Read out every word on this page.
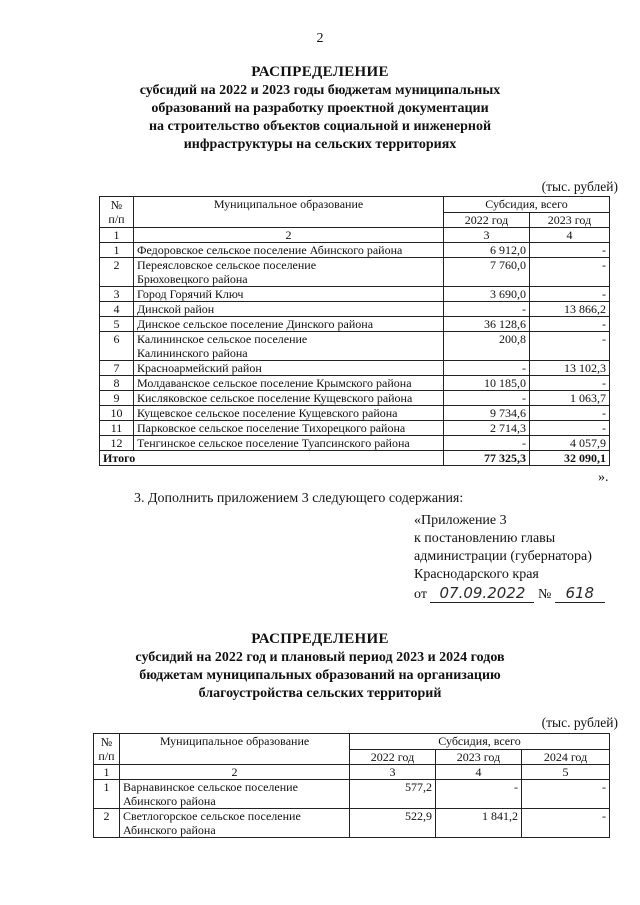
2
РАСПРЕДЕЛЕНИЕ
субсидий на 2022 и 2023 годы бюджетам муниципальных
образований на разработку проектной документации
на строительство объектов социальной и инженерной
инфраструктуры на сельских территориях
(тыс. рублей)
№
п/п	Муниципальное образование	Субсидия, всего	
		2022 год	2023 год
1	2	3	4
1	Федоровское сельское поселение Абинского района	6 912,0	-
2	Переясловское сельское поселение
Брюховецкого района	7 760,0	-
3	Город Горячий Ключ	3 690,0	-
4	Динской район	-	13 866,2
5	Динское сельское поселение Динского района	36 128,6	-
6	Калининское сельское поселение
Калининского района	200,8	-
7	Красноармейский район	-	13 102,3
8	Молдаванское сельское поселение Крымского района	10 185,0	-
9	Кисляковское сельское поселение Кущевского района	-	1 063,7
10	Кущевское сельское поселение Кущевского района	9 734,6	-
11	Парковское сельское поселение Тихорецкого района	2 714,3	-
12	Тенгинское сельское поселение Туапсинского района	-	4 057,9
Итого		77 325,3	32 090,1
».
3. Дополнить приложением 3 следующего содержания:
«Приложение 3
к постановлению главы
администрации (губернатора)
Краснодарского края
от 07.09.2022 № 618
РАСПРЕДЕЛЕНИЕ
субсидий на 2022 год и плановый период 2023 и 2024 годов
бюджетам муниципальных образований на организацию
благоустройства сельских территорий
(тыс. рублей)
№
п/п	Муниципальное образование	Субсидия, всего		
		2022 год	2023 год	2024 год
1	2	3	4	5
1	Варнавинское сельское поселение
Абинского района	577,2	-	-
2	Светлогорское сельское поселение
Абинского района	522,9	1 841,2	-
